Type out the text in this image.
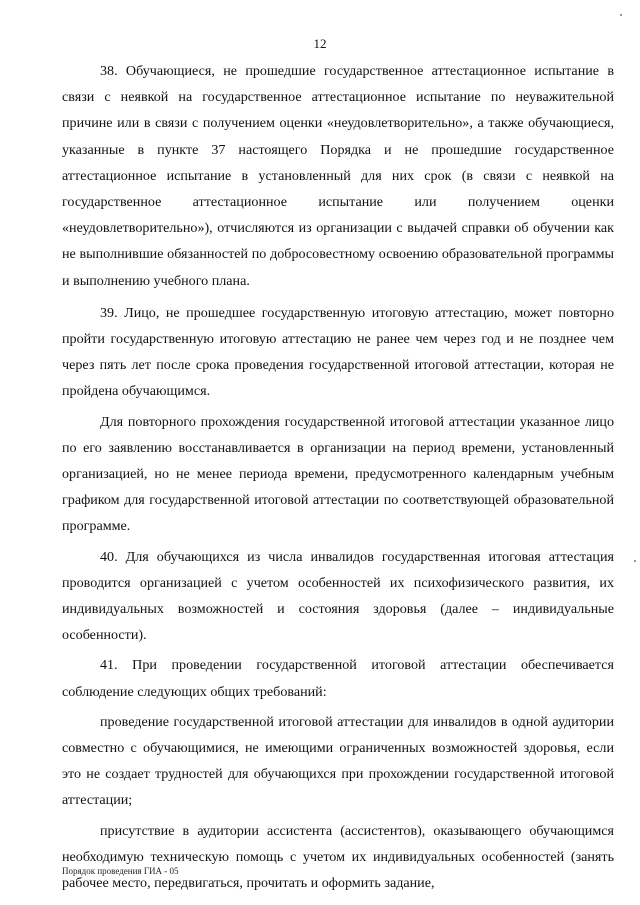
12

38. Обучающиеся, не прошедшие государственное аттестационное испытание в связи с неявкой на государственное аттестационное испытание по неуважительной причине или в связи с получением оценки «неудовлетворительно», а также обучающиеся, указанные в пункте 37 настоящего Порядка и не прошедшие государственное аттестационное испытание в установленный для них срок (в связи с неявкой на государственное аттестационное испытание или получением оценки «неудовлетворительно»), отчисляются из организации с выдачей справки об обучении как не выполнившие обязанностей по добросовестному освоению образовательной программы и выполнению учебного плана.

39. Лицо, не прошедшее государственную итоговую аттестацию, может повторно пройти государственную итоговую аттестацию не ранее чем через год и не позднее чем через пять лет после срока проведения государственной итоговой аттестации, которая не пройдена обучающимся.

Для повторного прохождения государственной итоговой аттестации указанное лицо по его заявлению восстанавливается в организации на период времени, установленный организацией, но не менее периода времени, предусмотренного календарным учебным графиком для государственной итоговой аттестации по соответствующей образовательной программе.

40. Для обучающихся из числа инвалидов государственная итоговая аттестация проводится организацией с учетом особенностей их психофизического развития, их индивидуальных возможностей и состояния здоровья (далее – индивидуальные особенности).

41. При проведении государственной итоговой аттестации обеспечивается соблюдение следующих общих требований:

проведение государственной итоговой аттестации для инвалидов в одной аудитории совместно с обучающимися, не имеющими ограниченных возможностей здоровья, если это не создает трудностей для обучающихся при прохождении государственной итоговой аттестации;

присутствие в аудитории ассистента (ассистентов), оказывающего обучающимся необходимую техническую помощь с учетом их индивидуальных особенностей (занять рабочее место, передвигаться, прочитать и оформить задание,

Порядок проведения ГИА - 05
